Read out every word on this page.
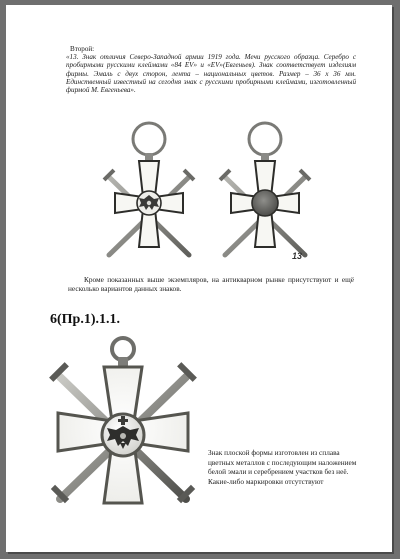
Второй:

«13. Знак отличия Северо-Западной армии 1919 года. Мечи русского образца. Серебро с пробирными русскими клеймами «84 EV» и «EV»(Евгеньев). Знак соответствует изделиям фирмы. Эмаль с двух сторон, лента – национальных цветов. Размер – 36 x 36 мм. Единственный известный на сегодня знак с русскими пробирными клеймами, изготовленный фирмой М. Евгеньева».

13

Кроме показанных выше экземпляров, на антикварном рынке присутствуют и ещё несколько вариантов данных знаков.

6(Пр.1).1.1.

Знак плоской формы изготовлен из сплава цветных металлов с последующим наложением белой эмали и серебрением участков без неё. Какие-либо маркировки отсутствуют
